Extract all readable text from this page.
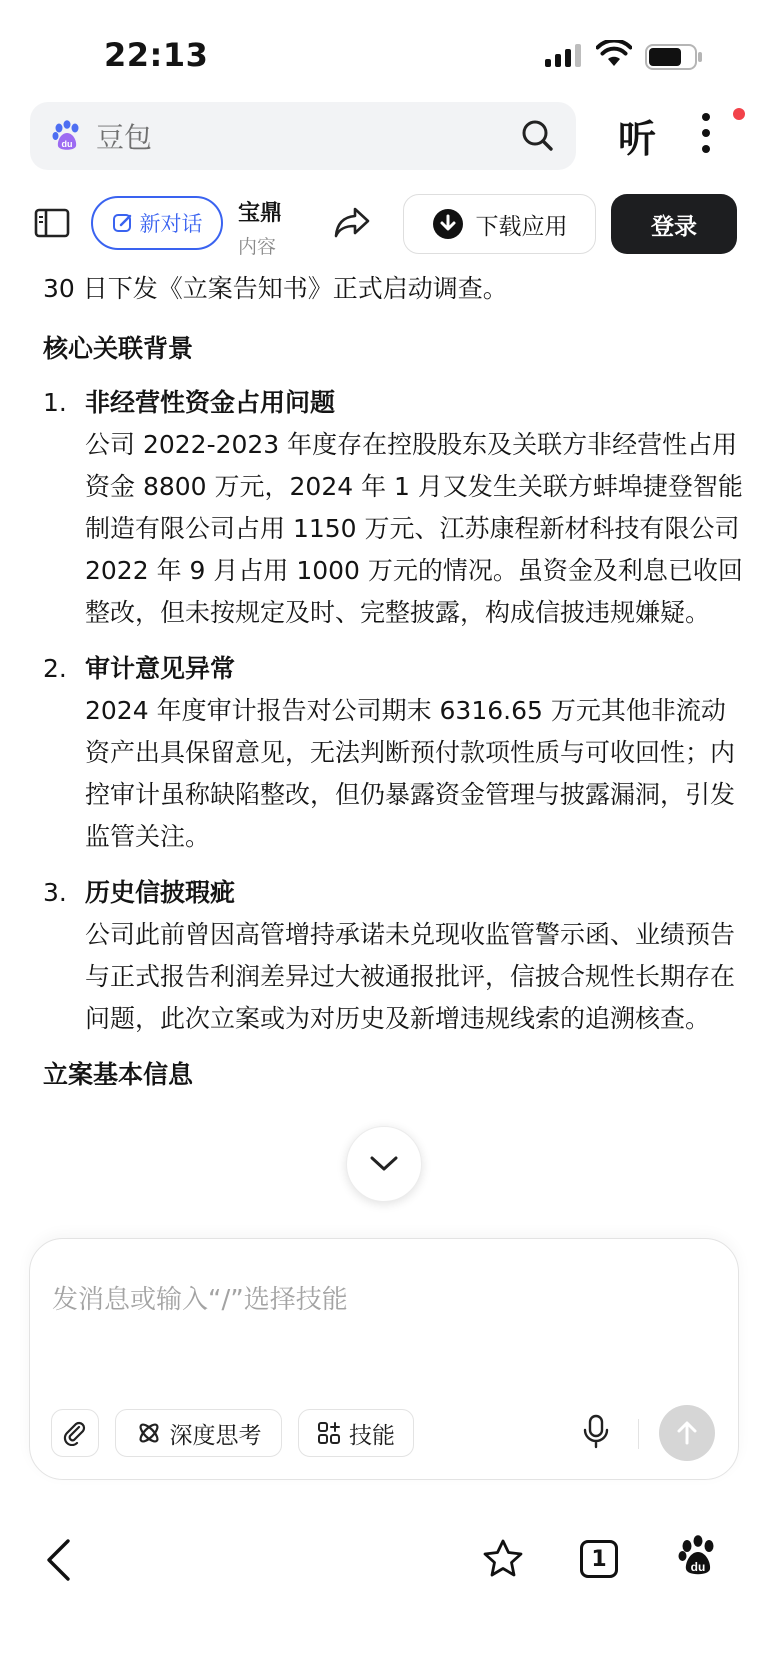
22:13
du 豆包	听
新对话 宝鼎
内容
下载应用	登录

30 日下发《立案告知书》正式启动调查。

核心关联背景

1. 非经营性资金占用问题
公司 2022-2023 年度存在控股股东及关联方非经营性占用资金 8800 万元，2024 年 1 月又发生关联方蚌埠捷登智能制造有限公司占用 1150 万元、江苏康程新材科技有限公司 2022 年 9 月占用 1000 万元的情况。虽资金及利息已收回整改，但未按规定及时、完整披露，构成信披违规嫌疑。
2. 审计意见异常
2024 年度审计报告对公司期末 6316.65 万元其他非流动资产出具保留意见，无法判断预付款项性质与可收回性；内控审计虽称缺陷整改，但仍暴露资金管理与披露漏洞，引发监管关注。
3. 历史信披瑕疵
公司此前曾因高管增持承诺未兑现收监管警示函、业绩预告与正式报告利润差异过大被通报批评，信披合规性长期存在问题，此次立案或为对历史及新增违规线索的追溯核查。

立案基本信息

发消息或输入“/”选择技能
深度思考	技能
1	du
